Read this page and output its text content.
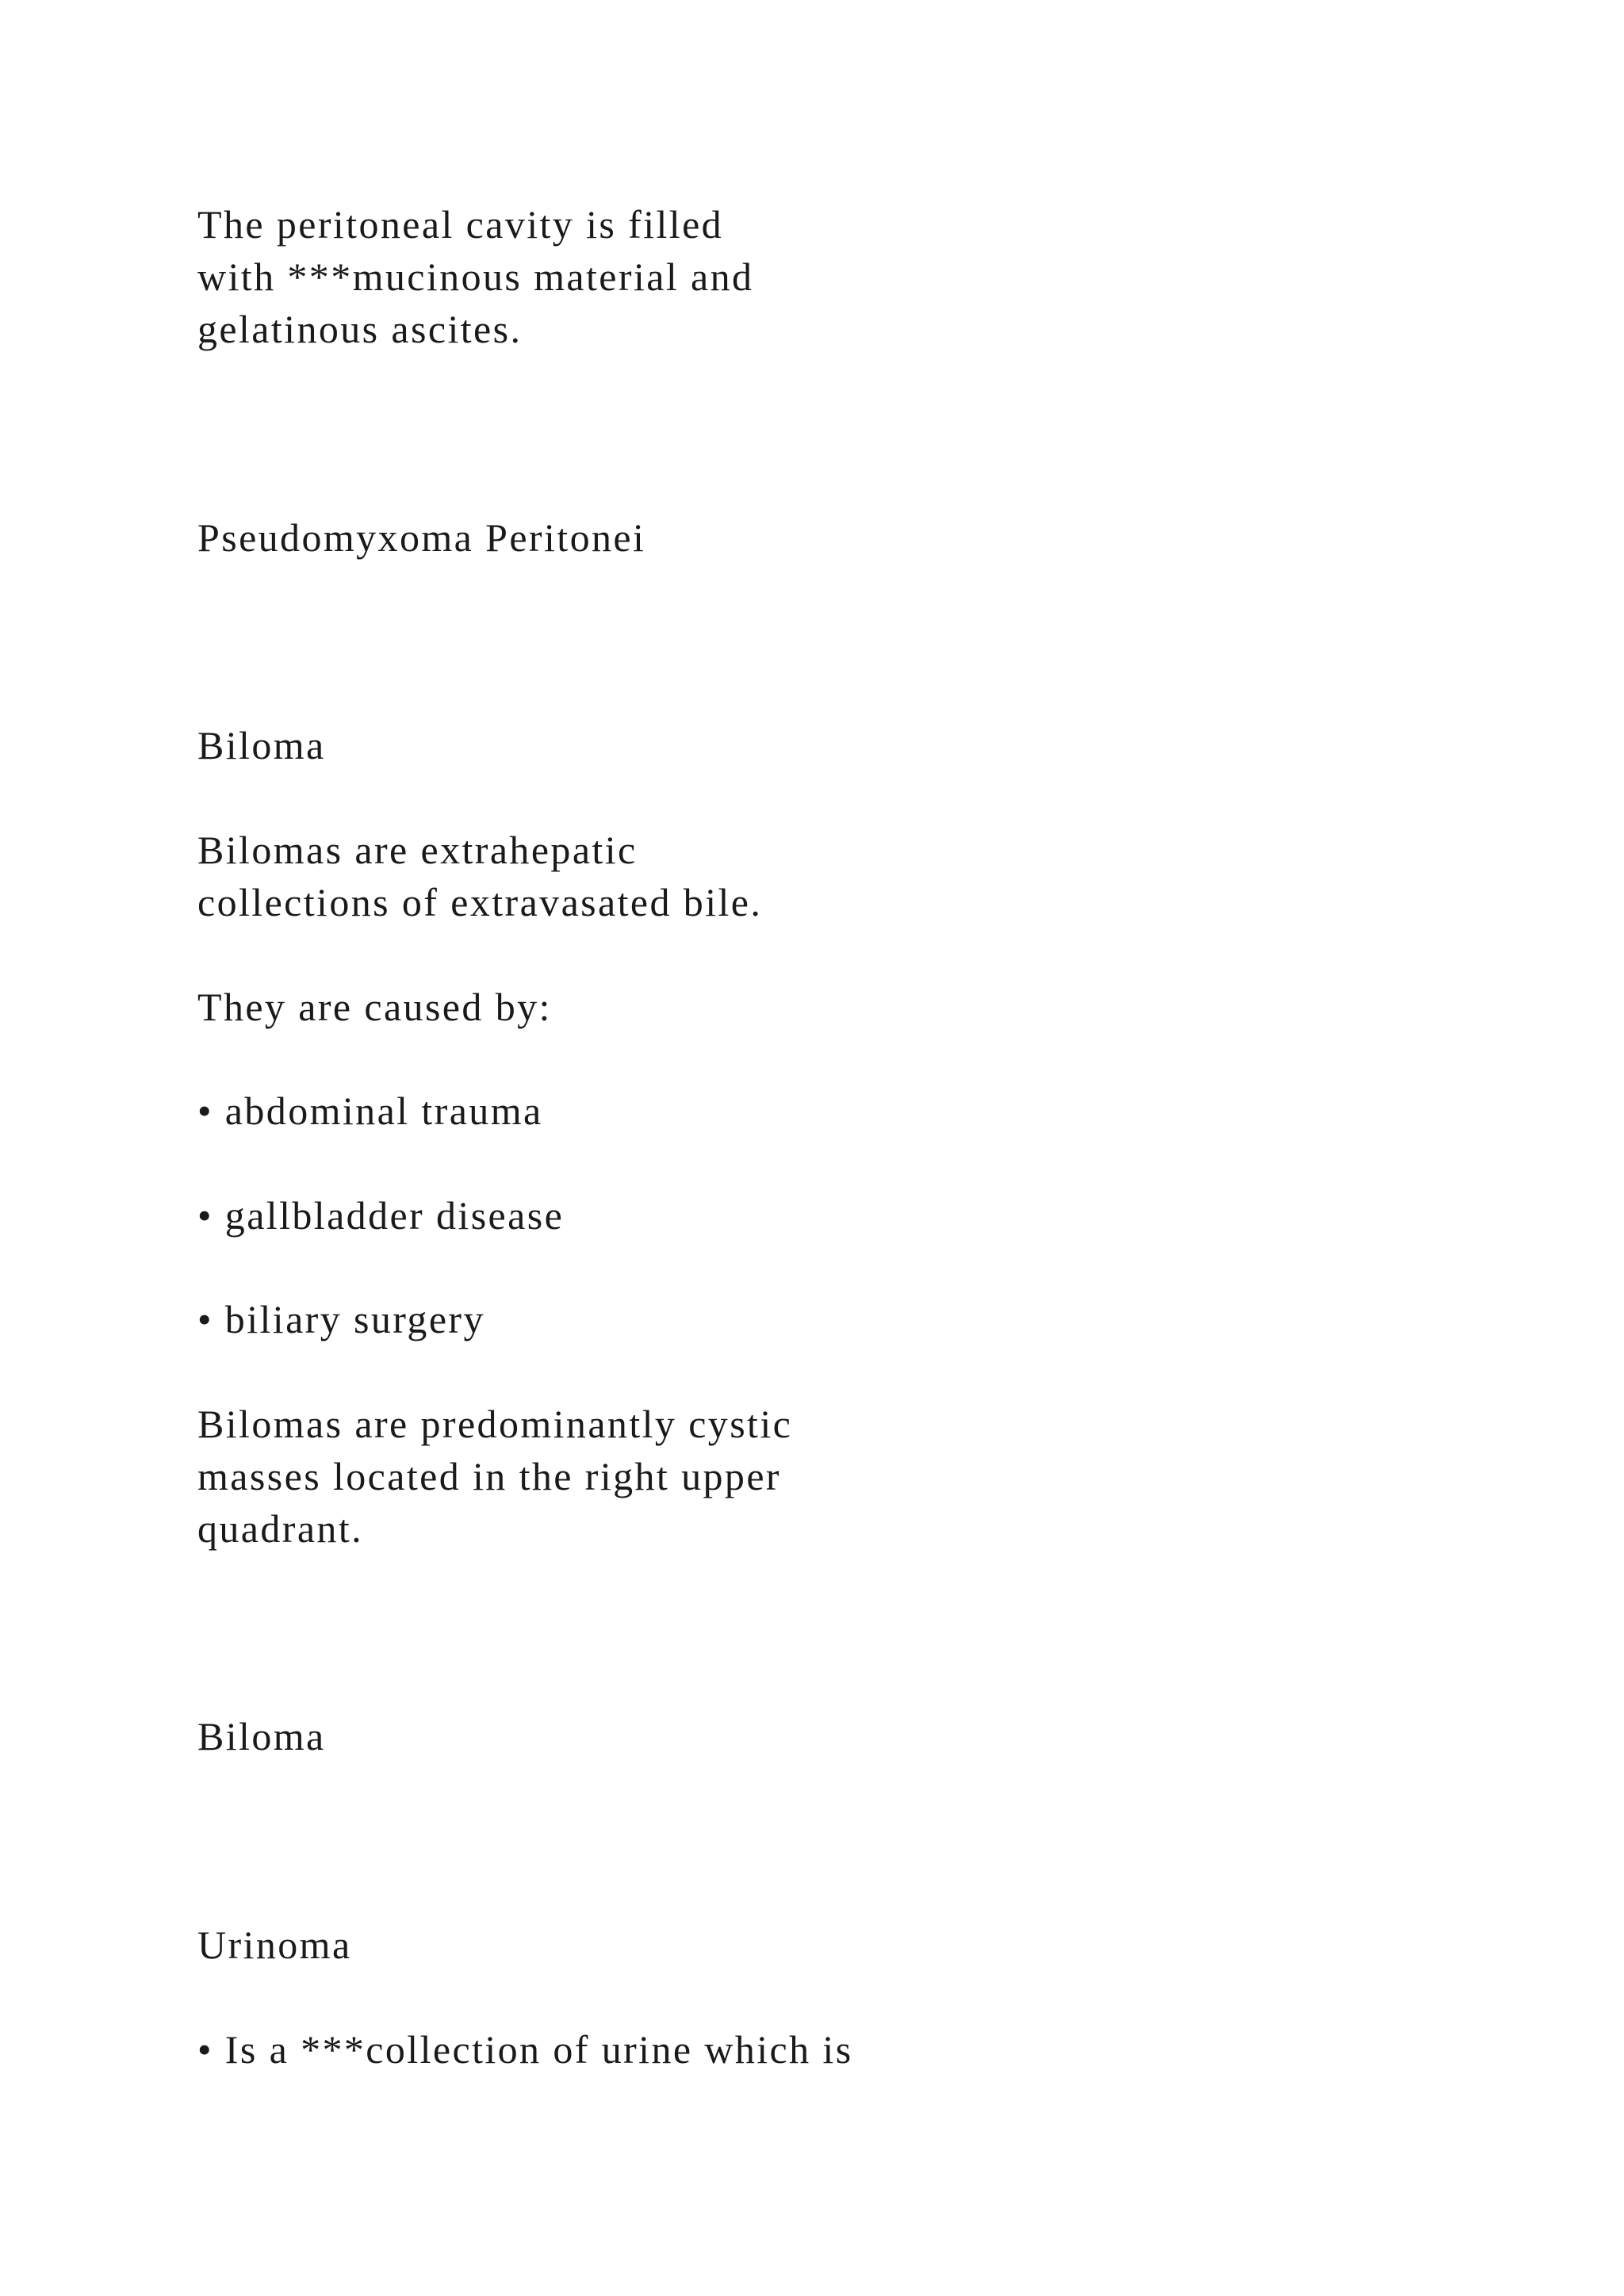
The peritoneal cavity is filled

with ***mucinous material and

gelatinous ascites.

Pseudomyxoma Peritonei

Biloma

Bilomas are extrahepatic

collections of extravasated bile.

They are caused by:

• abdominal trauma

• gallbladder disease

• biliary surgery

Bilomas are predominantly cystic

masses located in the right upper

quadrant.

Biloma

Urinoma

• Is a ***collection of urine which is
